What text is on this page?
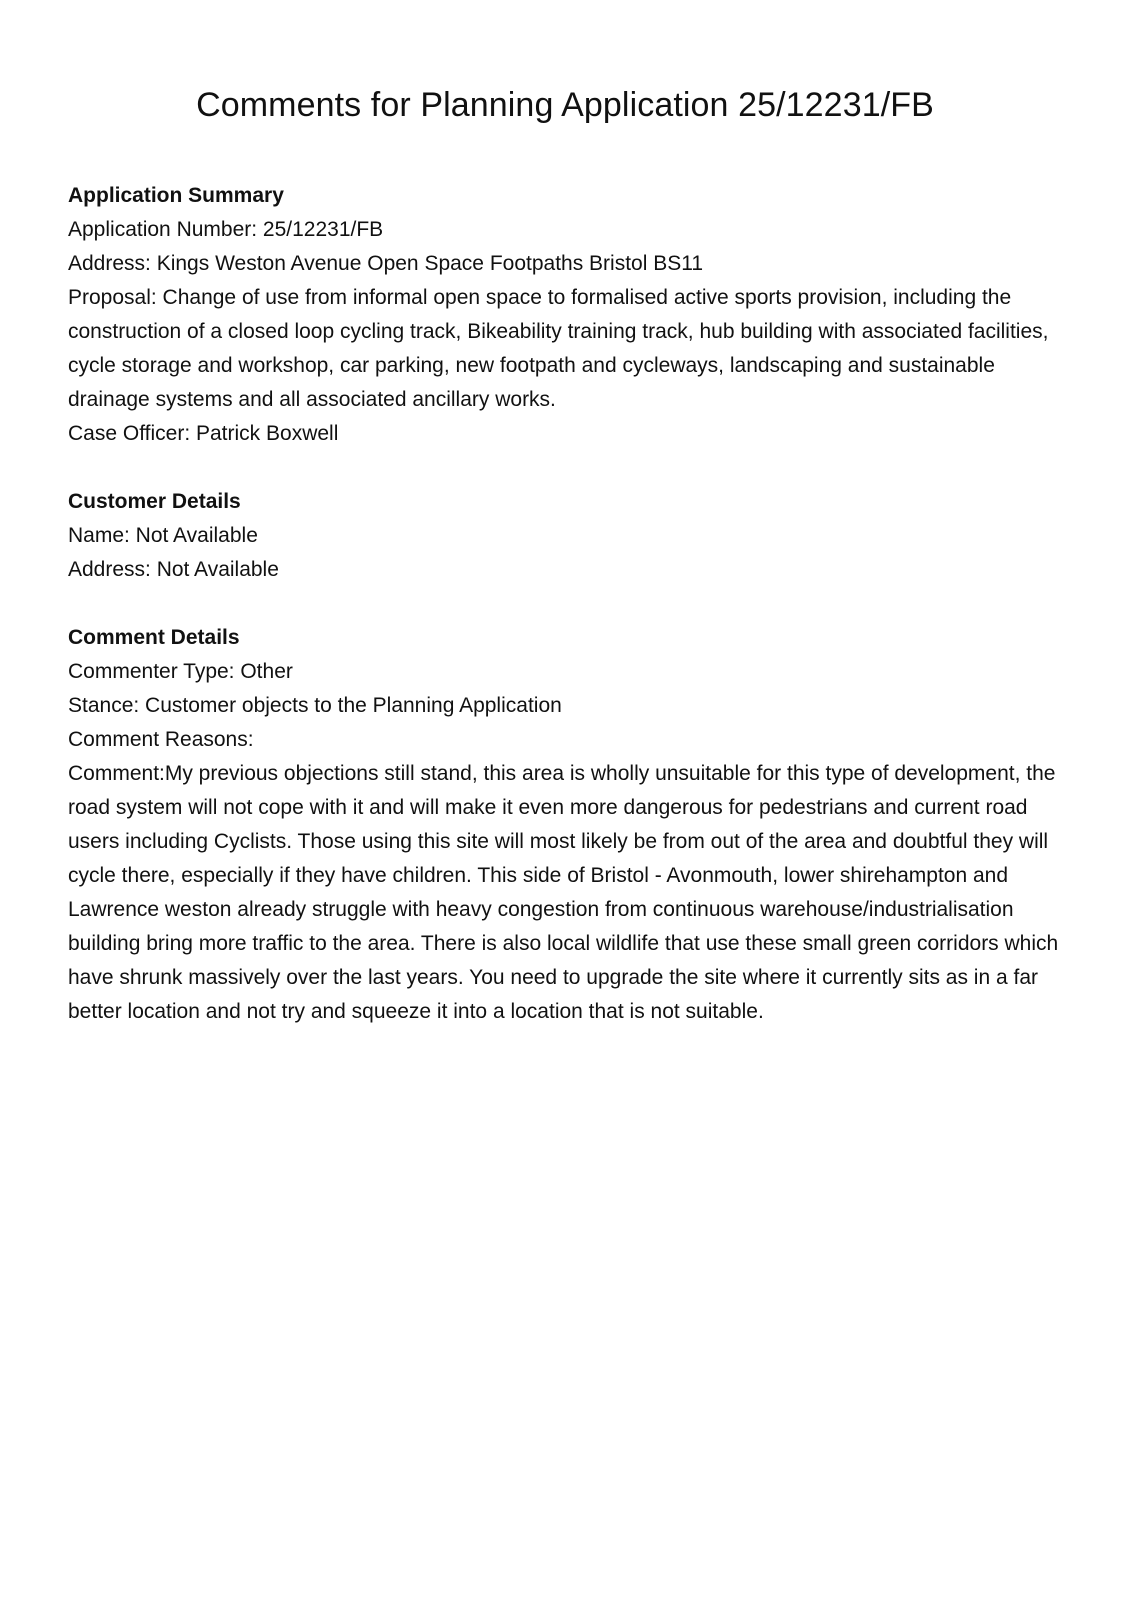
Comments for Planning Application 25/12231/FB

Application Summary

Application Number: 25/12231/FB

Address: Kings Weston Avenue Open Space Footpaths Bristol BS11

Proposal: Change of use from informal open space to formalised active sports provision, including the construction of a closed loop cycling track, Bikeability training track, hub building with associated facilities, cycle storage and workshop, car parking, new footpath and cycleways, landscaping and sustainable drainage systems and all associated ancillary works.

Case Officer: Patrick Boxwell

Customer Details

Name: Not Available

Address: Not Available

Comment Details

Commenter Type: Other

Stance: Customer objects to the Planning Application

Comment Reasons:

Comment:My previous objections still stand, this area is wholly unsuitable for this type of development, the road system will not cope with it and will make it even more dangerous for pedestrians and current road users including Cyclists. Those using this site will most likely be from out of the area and doubtful they will cycle there, especially if they have children. This side of Bristol - Avonmouth, lower shirehampton and Lawrence weston already struggle with heavy congestion from continuous warehouse/industrialisation building bring more traffic to the area. There is also local wildlife that use these small green corridors which have shrunk massively over the last years. You need to upgrade the site where it currently sits as in a far better location and not try and squeeze it into a location that is not suitable.
